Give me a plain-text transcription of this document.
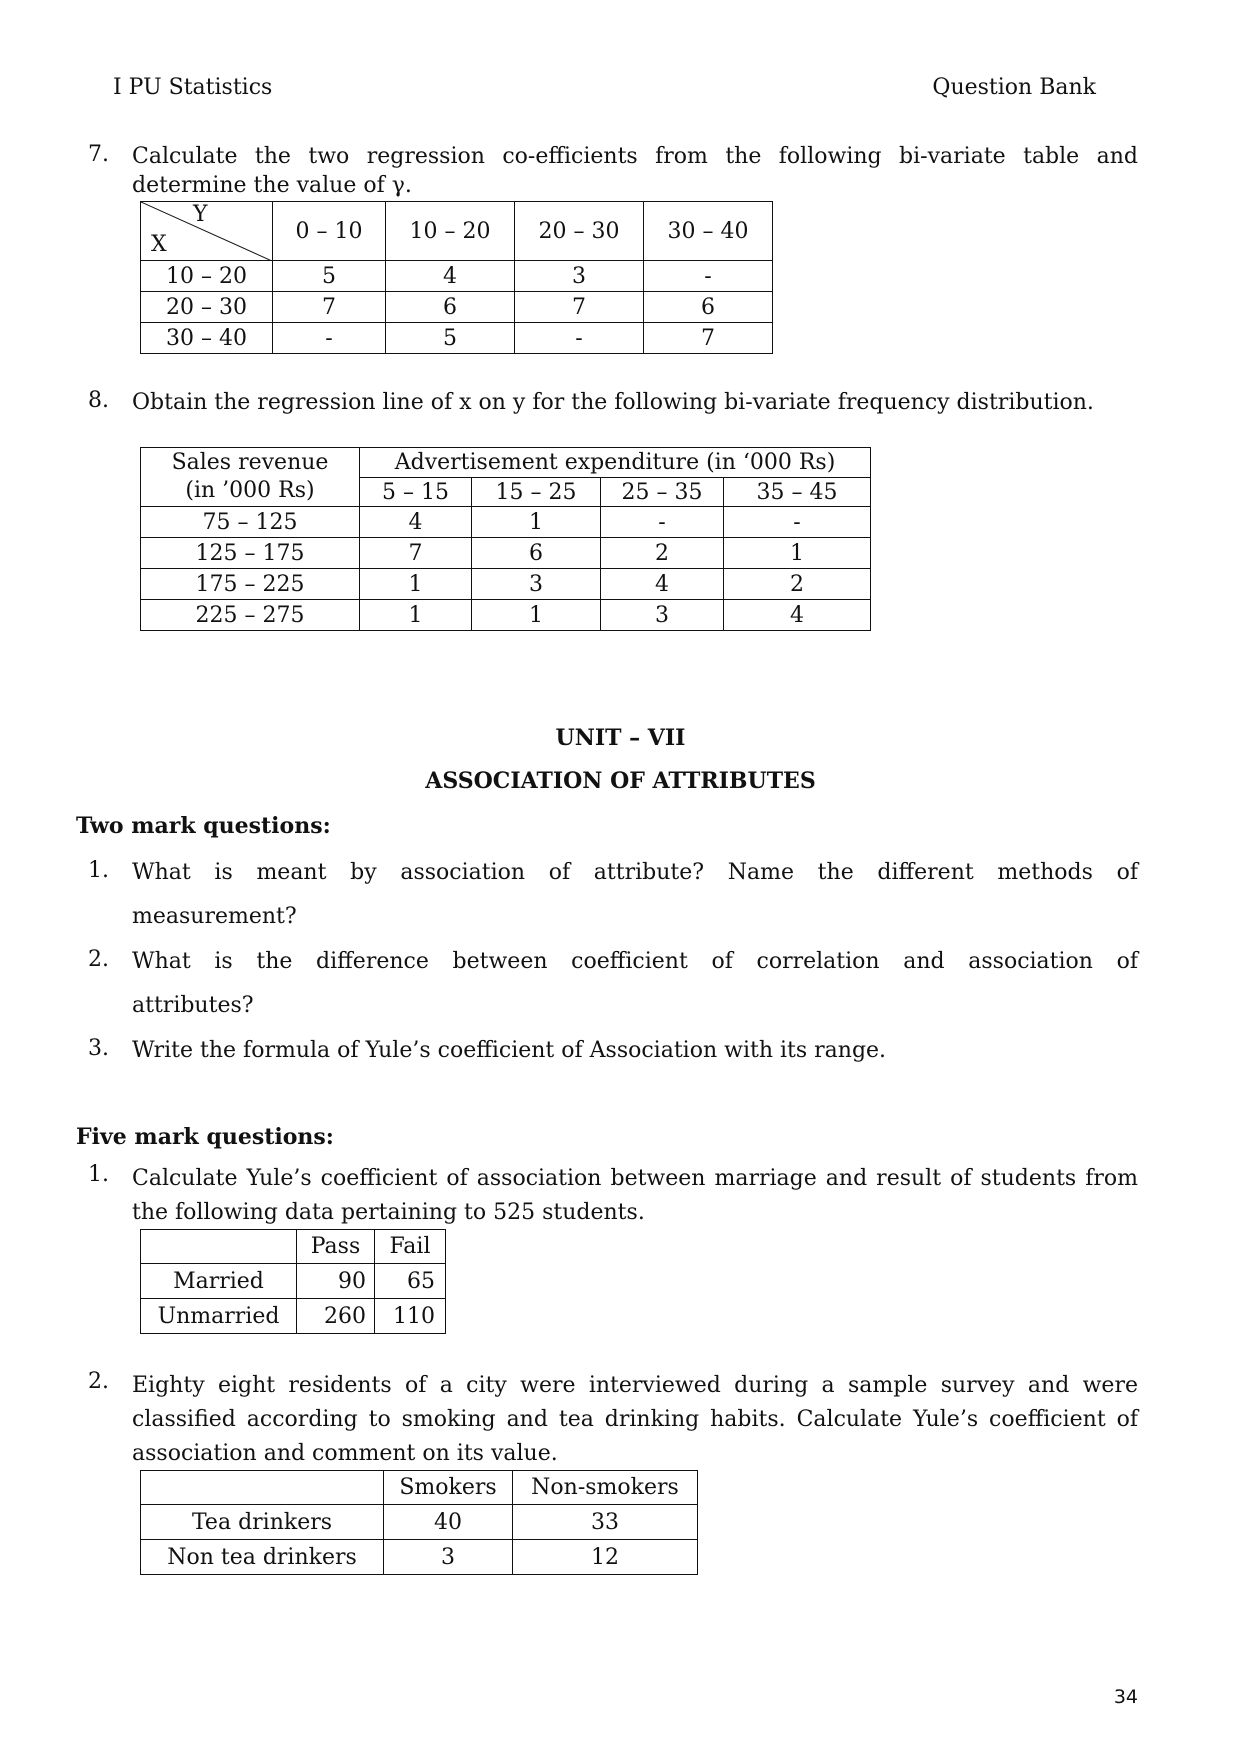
I PU Statistics	Question Bank
7. Calculate the two regression co-efficients from the following bi-variate table and determine the value of γ.
Y
X	0 – 10	10 – 20	20 – 30	30 – 40
10 – 20	5	4	3	-
20 – 30	7	6	7	6
30 – 40	-	5	-	7
8. Obtain the regression line of x on y for the following bi-variate frequency distribution.
Sales revenue
(in ’000 Rs)	Advertisement expenditure (in ‘000 Rs)			
	5 – 15	15 – 25	25 – 35	35 – 45
75 – 125	4	1	-	-
125 – 175	7	6	2	1
175 – 225	1	3	4	2
225 – 275	1	1	3	4
UNIT – VII
ASSOCIATION OF ATTRIBUTES
Two mark questions:
1. What is meant by association of attribute? Name the different methods of
measurement?
2. What is the difference between coefficient of correlation and association of
attributes?
3. Write the formula of Yule’s coefficient of Association with its range.
Five mark questions:
1. Calculate Yule’s coefficient of association between marriage and result of students from the following data pertaining to 525 students.
	Pass	Fail
Married	90	65
Unmarried	260	110
2. Eighty eight residents of a city were interviewed during a sample survey and were classified according to smoking and tea drinking habits. Calculate Yule’s coefficient of association and comment on its value.
	Smokers	Non-smokers
Tea drinkers	40	33
Non tea drinkers	3	12
34
